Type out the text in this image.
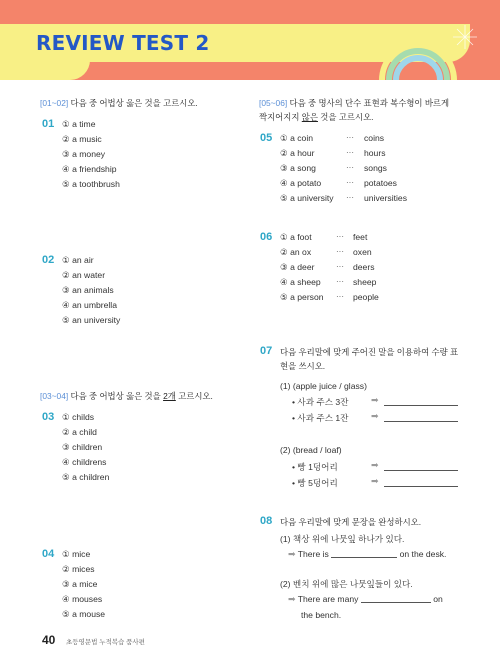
REVIEW TEST 2
[01~02] 다음 중 어법상 옳은 것을 고르시오.
01 ① a time
② a music
③ a money
④ a friendship
⑤ a toothbrush
02 ① an air
② an water
③ an animals
④ an umbrella
⑤ an university
[03~04] 다음 중 어법상 옳은 것을 2개 고르시오.
03 ① childs
② a child
③ children
④ childrens
⑤ a children
04 ① mice
② mices
③ a mice
④ mouses
⑤ a mouse
[05~06] 다음 중 명사의 단수 표현과 복수형이 바르게
짝지어지지 않은 것을 고르시오.
05 ① a coin	··· coins
② a hour	··· hours
③ a song	··· songs
④ a potato	··· potatoes
⑤ a university ··· universities
06 ① a foot	··· feet
② an ox	··· oxen
③ a deer	··· deers
④ a sheep ··· sheep
⑤ a person ··· people
07 다음 우리말에 맞게 주어진 말을 이용하여 수량 표
현을 쓰시오.
(1) (apple juice / glass)
• 사과 주스 3잔	➡
• 사과 주스 1잔	➡
(2) (bread / loaf)
• 빵 1덩어리	➡
• 빵 5덩어리	➡
08 다음 우리말에 맞게 문장을 완성하시오.
(1) 책상 위에 나뭇잎 하나가 있다.
➡ There is	on the desk.
(2) 벤치 위에 많은 나뭇잎들이 있다.
➡ There are many	on
the bench.
40 초등영문법 누적복습 품사편
